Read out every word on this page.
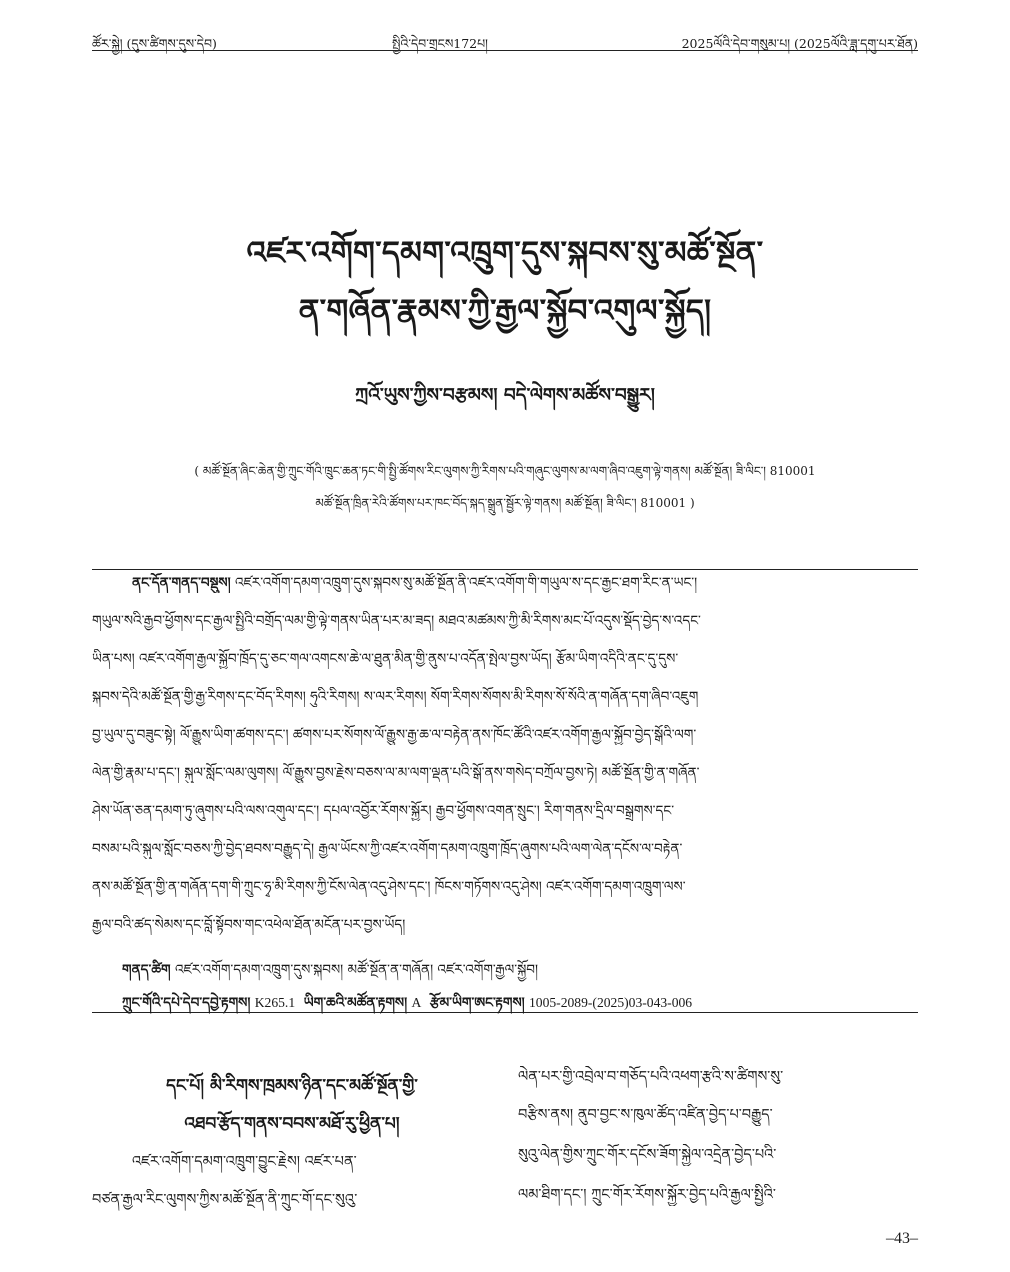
ཚོར་སྐྱེ། (དུས་ཚིགས་དུས་དེབ)	སྤྱིའི་དེབ་གྲངས172པ།	2025ལོའི་དེབ་གསུམ་པ། (2025ལོའི་ཟླ་དགུ་པར་ཐོན)
འཛར་འགོག་དམག་འཁྲུག་དུས་སྐབས་སུ་མཚོ་སྔོན་
ན་གཞོན་རྣམས་ཀྱི་རྒྱལ་སྐྱོབ་འགུལ་སྐྱོད།
ཀྲའོ་ཡུས་ཀྱིས་བརྩམས། བདེ་ལེགས་མཚོས་བསྒྱུར།
( མཚོ་སྔོན་ཞིང་ཆེན་གྱི་ཀྲུང་གོའི་ཁྲུང་ཆན་ཏང་གི་སྤྱི་ཚོགས་རིང་ལུགས་ཀྱི་རིགས་པའི་གཞུང་ལུགས་མ་ལག་ཞིབ་འཇུག་ལྟེ་གནས། མཚོ་སྔོན། ཟི་ལིང་། 810001
མཚོ་སྔོན་ཁྲིན་རེའི་ཚོགས་པར་ཁང་བོད་སྐད་སྒྲུན་སྦྱོར་ལྟེ་གནས། མཚོ་སྔོན། ཟི་ལིང་། 810001 )
ནང་དོན་གནད་བསྡུས། འཛར་འགོག་དམག་འཁྲུག་དུས་སྐབས་སུ་མཚོ་སྔོན་ནི་འཛར་འགོག་གི་གཡུལ་ས་དང་རྒྱང་ཐག་རིང་ན་ཡང་།
གཡུལ་སའི་རྒྱབ་ཕྱོགས་དང་རྒྱལ་སྤྱིའི་བགྲོད་ལམ་གྱི་ལྟེ་གནས་ཡིན་པར་མ་ཟད། མཐའ་མཚམས་ཀྱི་མི་རིགས་མང་པོ་འདུས་སྡོད་བྱེད་ས་འདང་
ཡིན་པས། འཛར་འགོག་རྒྱལ་སྐྱོབ་ཁྲོད་དུ་ཅང་གལ་འགངས་ཆེ་ལ་ཐུན་མིན་གྱི་ནུས་པ་འདོན་སྤེལ་བྱས་ཡོད། རྩོམ་ཡིག་འདིའི་ནང་དུ་དུས་
སྐབས་དེའི་མཚོ་སྔོན་གྱི་རྒྱ་རིགས་དང་བོད་རིགས། ཧུའི་རིགས། ས་ལར་རིགས། སོག་རིགས་སོགས་མི་རིགས་སོ་སོའི་ན་གཞོན་དག་ཞིབ་འཇུག
བྱ་ཡུལ་དུ་བཟུང་སྟེ། ལོ་རྒྱུས་ཡིག་ཚགས་དང་། ཚགས་པར་སོགས་ལོ་རྒྱུས་རྒྱ་ཆ་ལ་བརྟེན་ནས་ཁོང་ཚོའི་འཛར་འགོག་རྒྱལ་སྐྱོབ་བྱེད་སྒོའི་ལག་
ལེན་གྱི་རྣམ་པ་དང་། སྐུལ་སློང་ལམ་ལུགས། ལོ་རྒྱུས་བྱས་རྗེས་བཅས་ལ་མ་ལག་ལྡན་པའི་སྒོ་ནས་གསེད་བཀྲོལ་བྱས་ཏེ། མཚོ་སྔོན་གྱི་ན་གཞོན་
ཤེས་ཡོན་ཅན་དམག་ཏུ་ཞུགས་པའི་ལས་འགུལ་དང་། དཔལ་འབྱོར་རོགས་སྐྱོར། རྒྱབ་ཕྱོགས་འགན་སྲུང་། རིག་གནས་དྲིལ་བསྒྲགས་དང་
བསམ་པའི་སྐུལ་སློང་བཅས་ཀྱི་བྱེད་ཐབས་བརྒྱུད་དེ། རྒྱལ་ཡོངས་ཀྱི་འཛར་འགོག་དམག་འཁྲུག་ཁྲོད་ཞུགས་པའི་ལག་ལེན་དངོས་ལ་བརྟེན་
ནས་མཚོ་སྔོན་གྱི་ན་གཞོན་དག་གི་ཀྲུང་ཧྭ་མི་རིགས་ཀྱི་ངོས་ལེན་འདུ་ཤེས་དང་། ཁོངས་གཏོགས་འདུ་ཤེས། འཛར་འགོག་དམག་འཁྲུག་ལས་
རྒྱལ་བའི་ཚད་སེམས་དང་བློ་སྟོབས་གང་འཕེལ་ཐོན་མངོན་པར་བྱས་ཡོད།
གནད་ཚིག འཛར་འགོག་དམག་འཁྲུག་དུས་སྐབས། མཚོ་སྔོན་ན་གཞོན། འཛར་འགོག་རྒྱལ་སྐྱོབ།
ཀྲུང་གོའི་དཔེ་དེབ་དབྱེ་རྟགས། K265.1 ཡིག་ཆའི་མཚོན་རྟགས། A རྩོམ་ཡིག་ཨང་རྟགས། 1005-2089-(2025)03-043-006
དང་པོ། མི་རིགས་ཁྲམས་ཉིན་དང་མཚོ་སྔོན་གྱི་
འཐབ་རྩོད་གནས་བབས་མཐོ་རུ་ཕྱིན་པ།
འཛར་འགོག་དམག་འཁྲུག་བྱུང་རྗེས། འཛར་པན་
བཙན་རྒྱལ་རིང་ལུགས་ཀྱིས་མཚོ་སྔོན་ནི་ཀྲུང་གོ་དང་སུའུ་
ལེན་པར་གྱི་འབྲེལ་བ་གཅོད་པའི་འཕག་རྩའི་ས་ཚིགས་སུ་
བརྩིས་ནས། ནུབ་བྱང་ས་ཁུལ་ཚོད་འཛིན་བྱེད་པ་བརྒྱུད་
སུའུ་ལེན་གྱིས་ཀྲུང་གོར་དངོས་ཟོག་སྐྱེལ་འདྲེན་བྱེད་པའི་
ལམ་ཐིག་དང་། ཀྲུང་གོར་རོགས་སྐྱོར་བྱེད་པའི་རྒྱལ་སྤྱིའི་
–43–
